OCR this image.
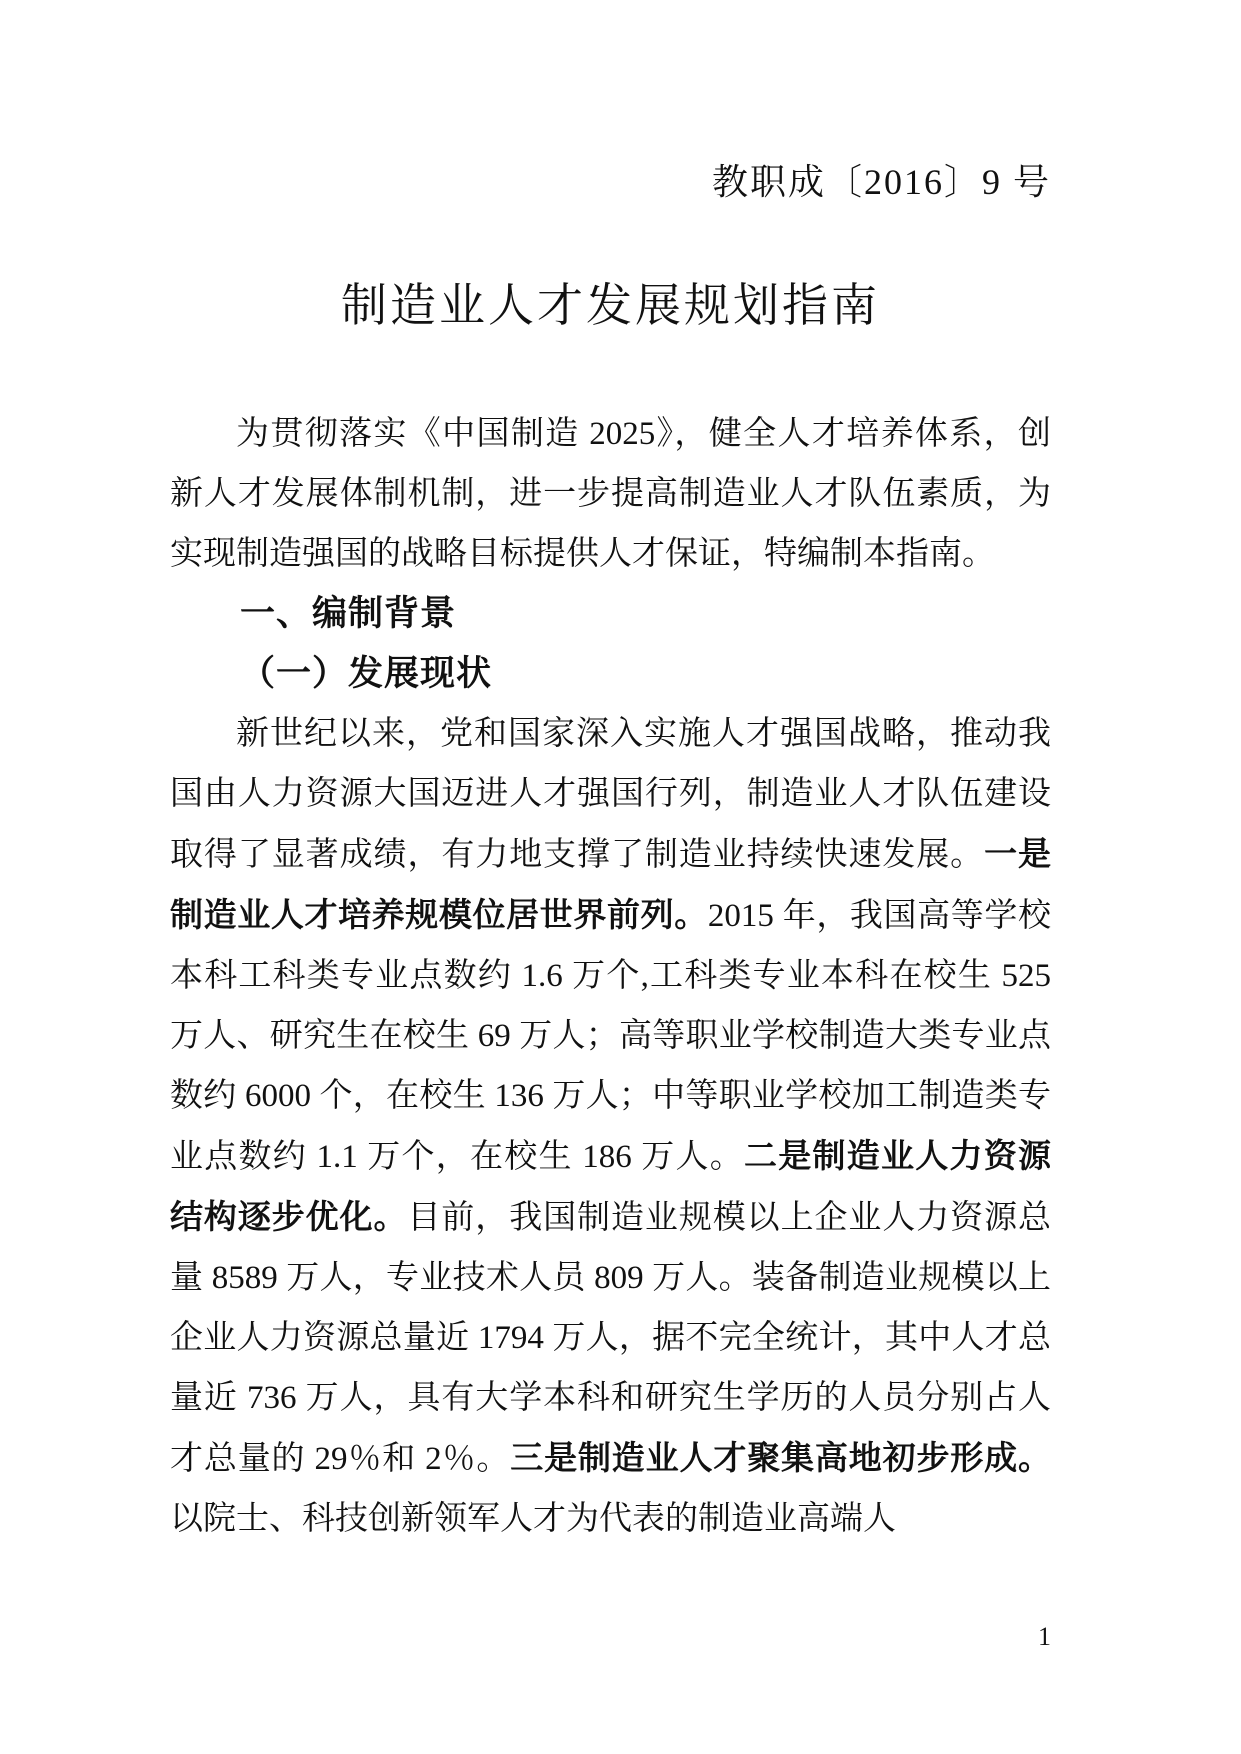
教职成〔2016〕9 号
制造业人才发展规划指南

为贯彻落实《中国制造 2025》，健全人才培养体系，创新人才发展体制机制，进一步提高制造业人才队伍素质，为实现制造强国的战略目标提供人才保证，特编制本指南。

一、编制背景
（一）发展现状

新世纪以来，党和国家深入实施人才强国战略，推动我国由人力资源大国迈进人才强国行列，制造业人才队伍建设取得了显著成绩，有力地支撑了制造业持续快速发展。一是制造业人才培养规模位居世界前列。2015 年，我国高等学校本科工科类专业点数约 1.6 万个,工科类专业本科在校生 525 万人、研究生在校生 69 万人；高等职业学校制造大类专业点数约 6000 个，在校生 136 万人；中等职业学校加工制造类专业点数约 1.1 万个，在校生 186 万人。二是制造业人力资源结构逐步优化。目前，我国制造业规模以上企业人力资源总量 8589 万人，专业技术人员 809 万人。装备制造业规模以上企业人力资源总量近 1794 万人，据不完全统计，其中人才总量近 736 万人，具有大学本科和研究生学历的人员分别占人才总量的 29％和 2％。三是制造业人才聚集高地初步形成。以院士、科技创新领军人才为代表的制造业高端人

1
